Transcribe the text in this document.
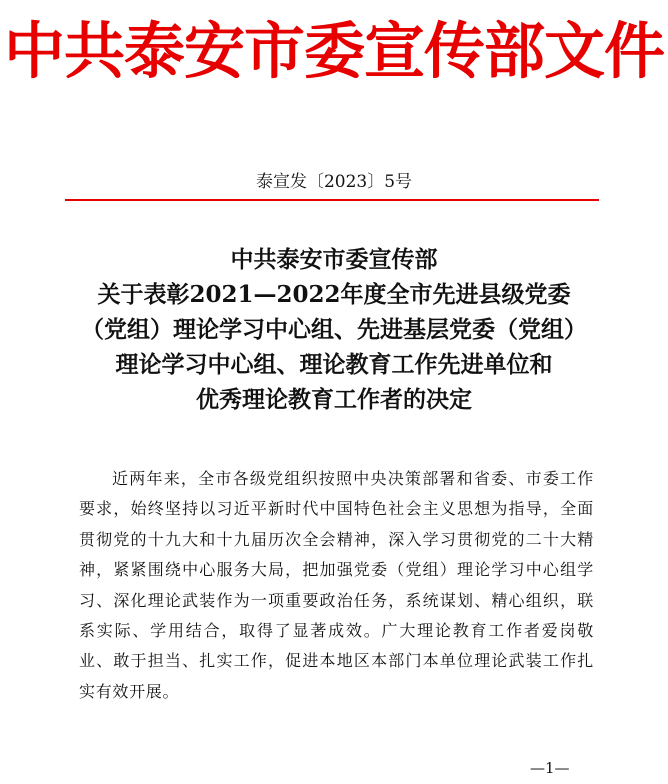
中共泰安市委宣传部文件
泰宣发〔2023〕5号
中共泰安市委宣传部
关于表彰2021—2022年度全市先进县级党委
（党组）理论学习中心组、先进基层党委（党组）
理论学习中心组、理论教育工作先进单位和
优秀理论教育工作者的决定
近两年来，全市各级党组织按照中央决策部署和省委、市委工作要求，始终坚持以习近平新时代中国特色社会主义思想为指导，全面贯彻党的十九大和十九届历次全会精神，深入学习贯彻党的二十大精神，紧紧围绕中心服务大局，把加强党委（党组）理论学习中心组学习、深化理论武装作为一项重要政治任务，系统谋划、精心组织，联系实际、学用结合，取得了显著成效。广大理论教育工作者爱岗敬业、敢于担当、扎实工作，促进本地区本部门本单位理论武装工作扎实有效开展。
—1—
